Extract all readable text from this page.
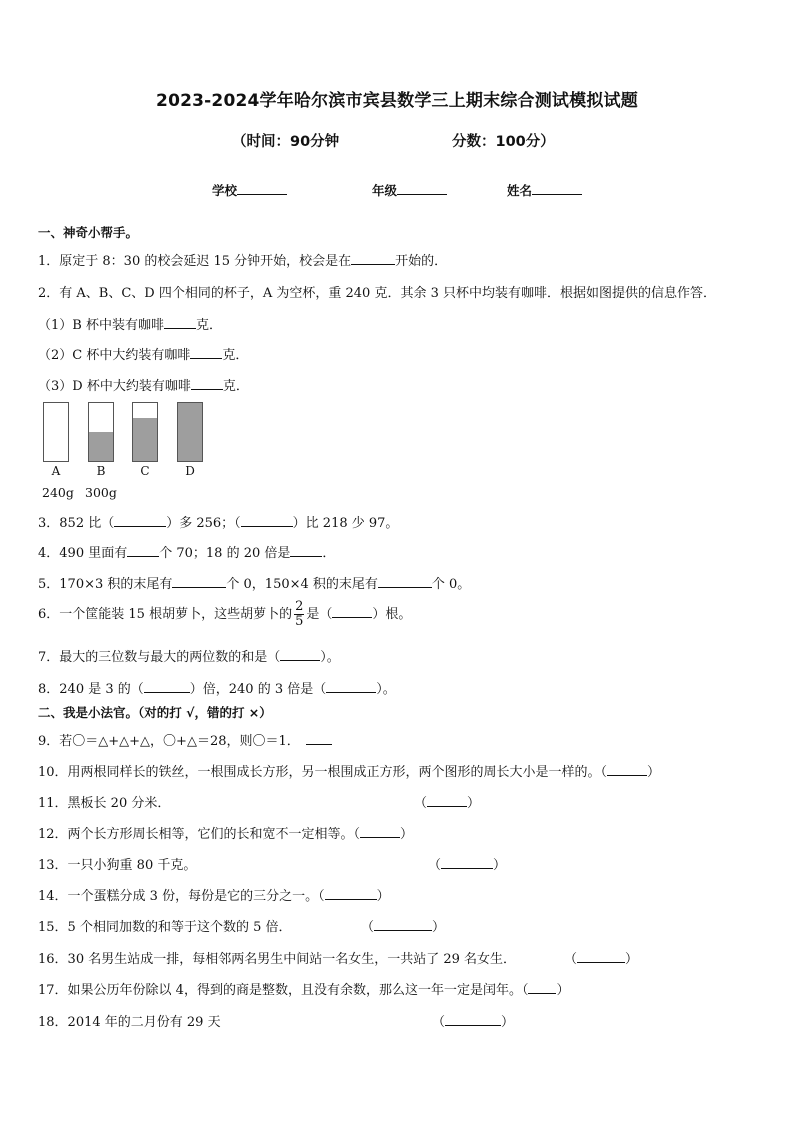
2023-2024学年哈尔滨市宾县数学三上期末综合测试模拟试题
（时间：90分钟	分数：100分）
学校	年级	姓名
一、神奇小帮手。
1．原定于 8：30 的校会延迟 15 分钟开始，校会是在	开始的．
2．有 A、B、C、D 四个相同的杯子，A 为空杯，重 240 克．其余 3 只杯中均装有咖啡．根据如图提供的信息作答．
（1）B 杯中装有咖啡 克．
（2）C 杯中大约装有咖啡 克．
（3）D 杯中大约装有咖啡 克．
A	B	C	D
240g 300g
3．852 比（	）多 256；（	）比 218 少 97。
4．490 里面有 个 70；18 的 20 倍是 ．
5．170×3 积的末尾有	个 0，150×4 积的末尾有	个 0。
6．一个筐能装 15 根胡萝卜，这些胡萝卜的 $\frac{2}{5}$ 是（	）根。
7．最大的三位数与最大的两位数的和是（	）。
8．240 是 3 的（	）倍，240 的 3 倍是（	）。
二、我是小法官。（对的打 √，错的打 ×）
9．若〇＝△+△+△，〇+△＝28，则〇＝1．
10．用两根同样长的铁丝，一根围成长方形，另一根围成正方形，两个图形的周长大小是一样的。（	）
11．黑板长 20 分米．	（	）
12．两个长方形周长相等，它们的长和宽不一定相等。（	）
13．一只小狗重 80 千克。	（	）
14．一个蛋糕分成 3 份，每份是它的三分之一。（	）
15．5 个相同加数的和等于这个数的 5 倍．	（	）
16．30 名男生站成一排，每相邻两名男生中间站一名女生，一共站了 29 名女生．	（	）
17．如果公历年份除以 4，得到的商是整数，且没有余数，那么这一年一定是闰年。（ ）
18．2014 年的二月份有 29 天	（	）
